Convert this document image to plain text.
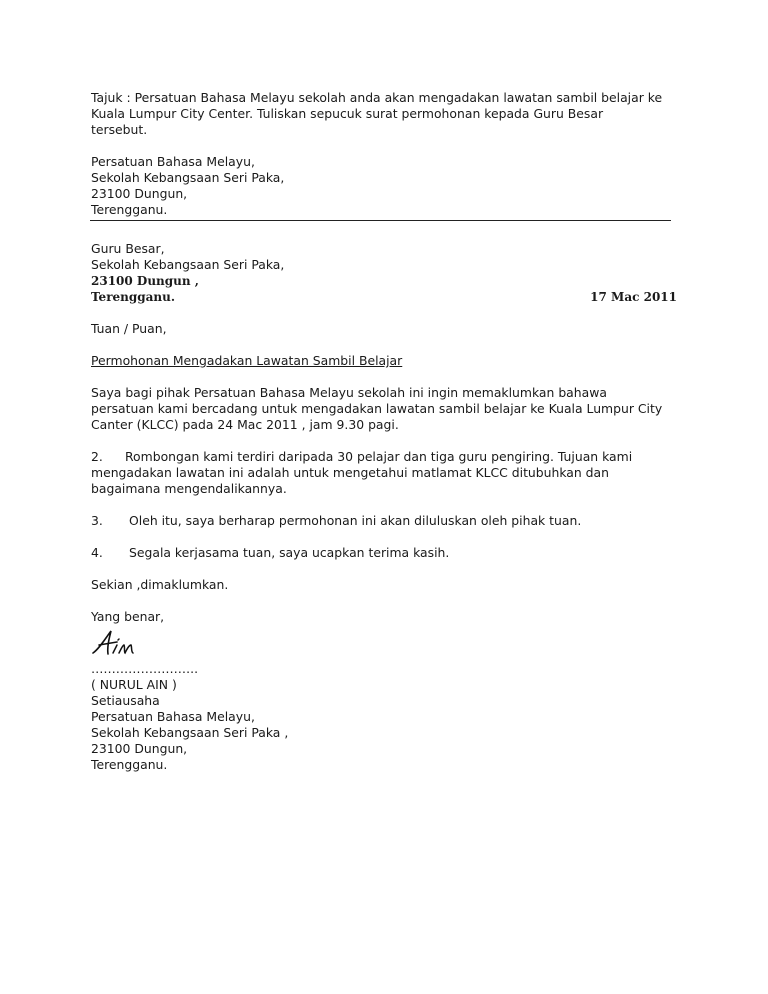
Tajuk : Persatuan Bahasa Melayu sekolah anda akan mengadakan lawatan sambil belajar ke
Kuala Lumpur City Center. Tuliskan sepucuk surat permohonan kepada Guru Besar
tersebut.
Persatuan Bahasa Melayu,
Sekolah Kebangsaan Seri Paka,
23100 Dungun,
Terengganu.
Guru Besar,
Sekolah Kebangsaan Seri Paka,
23100 Dungun ,
Terengganu.	17 Mac 2011
Tuan / Puan,
Permohonan Mengadakan Lawatan Sambil Belajar
Saya bagi pihak Persatuan Bahasa Melayu sekolah ini ingin memaklumkan bahawa
persatuan kami bercadang untuk mengadakan lawatan sambil belajar ke Kuala Lumpur City
Canter (KLCC) pada 24 Mac 2011 , jam 9.30 pagi.
2.	Rombongan kami terdiri daripada 30 pelajar dan tiga guru pengiring. Tujuan kami
mengadakan lawatan ini adalah untuk mengetahui matlamat KLCC ditubuhkan dan
bagaimana mengendalikannya.
3.	Oleh itu, saya berharap permohonan ini akan diluluskan oleh pihak tuan.
4.	Segala kerjasama tuan, saya ucapkan terima kasih.
Sekian ,dimaklumkan.
Yang benar,
……………………..
( NURUL AIN )
Setiausaha
Persatuan Bahasa Melayu,
Sekolah Kebangsaan Seri Paka ,
23100 Dungun,
Terengganu.
